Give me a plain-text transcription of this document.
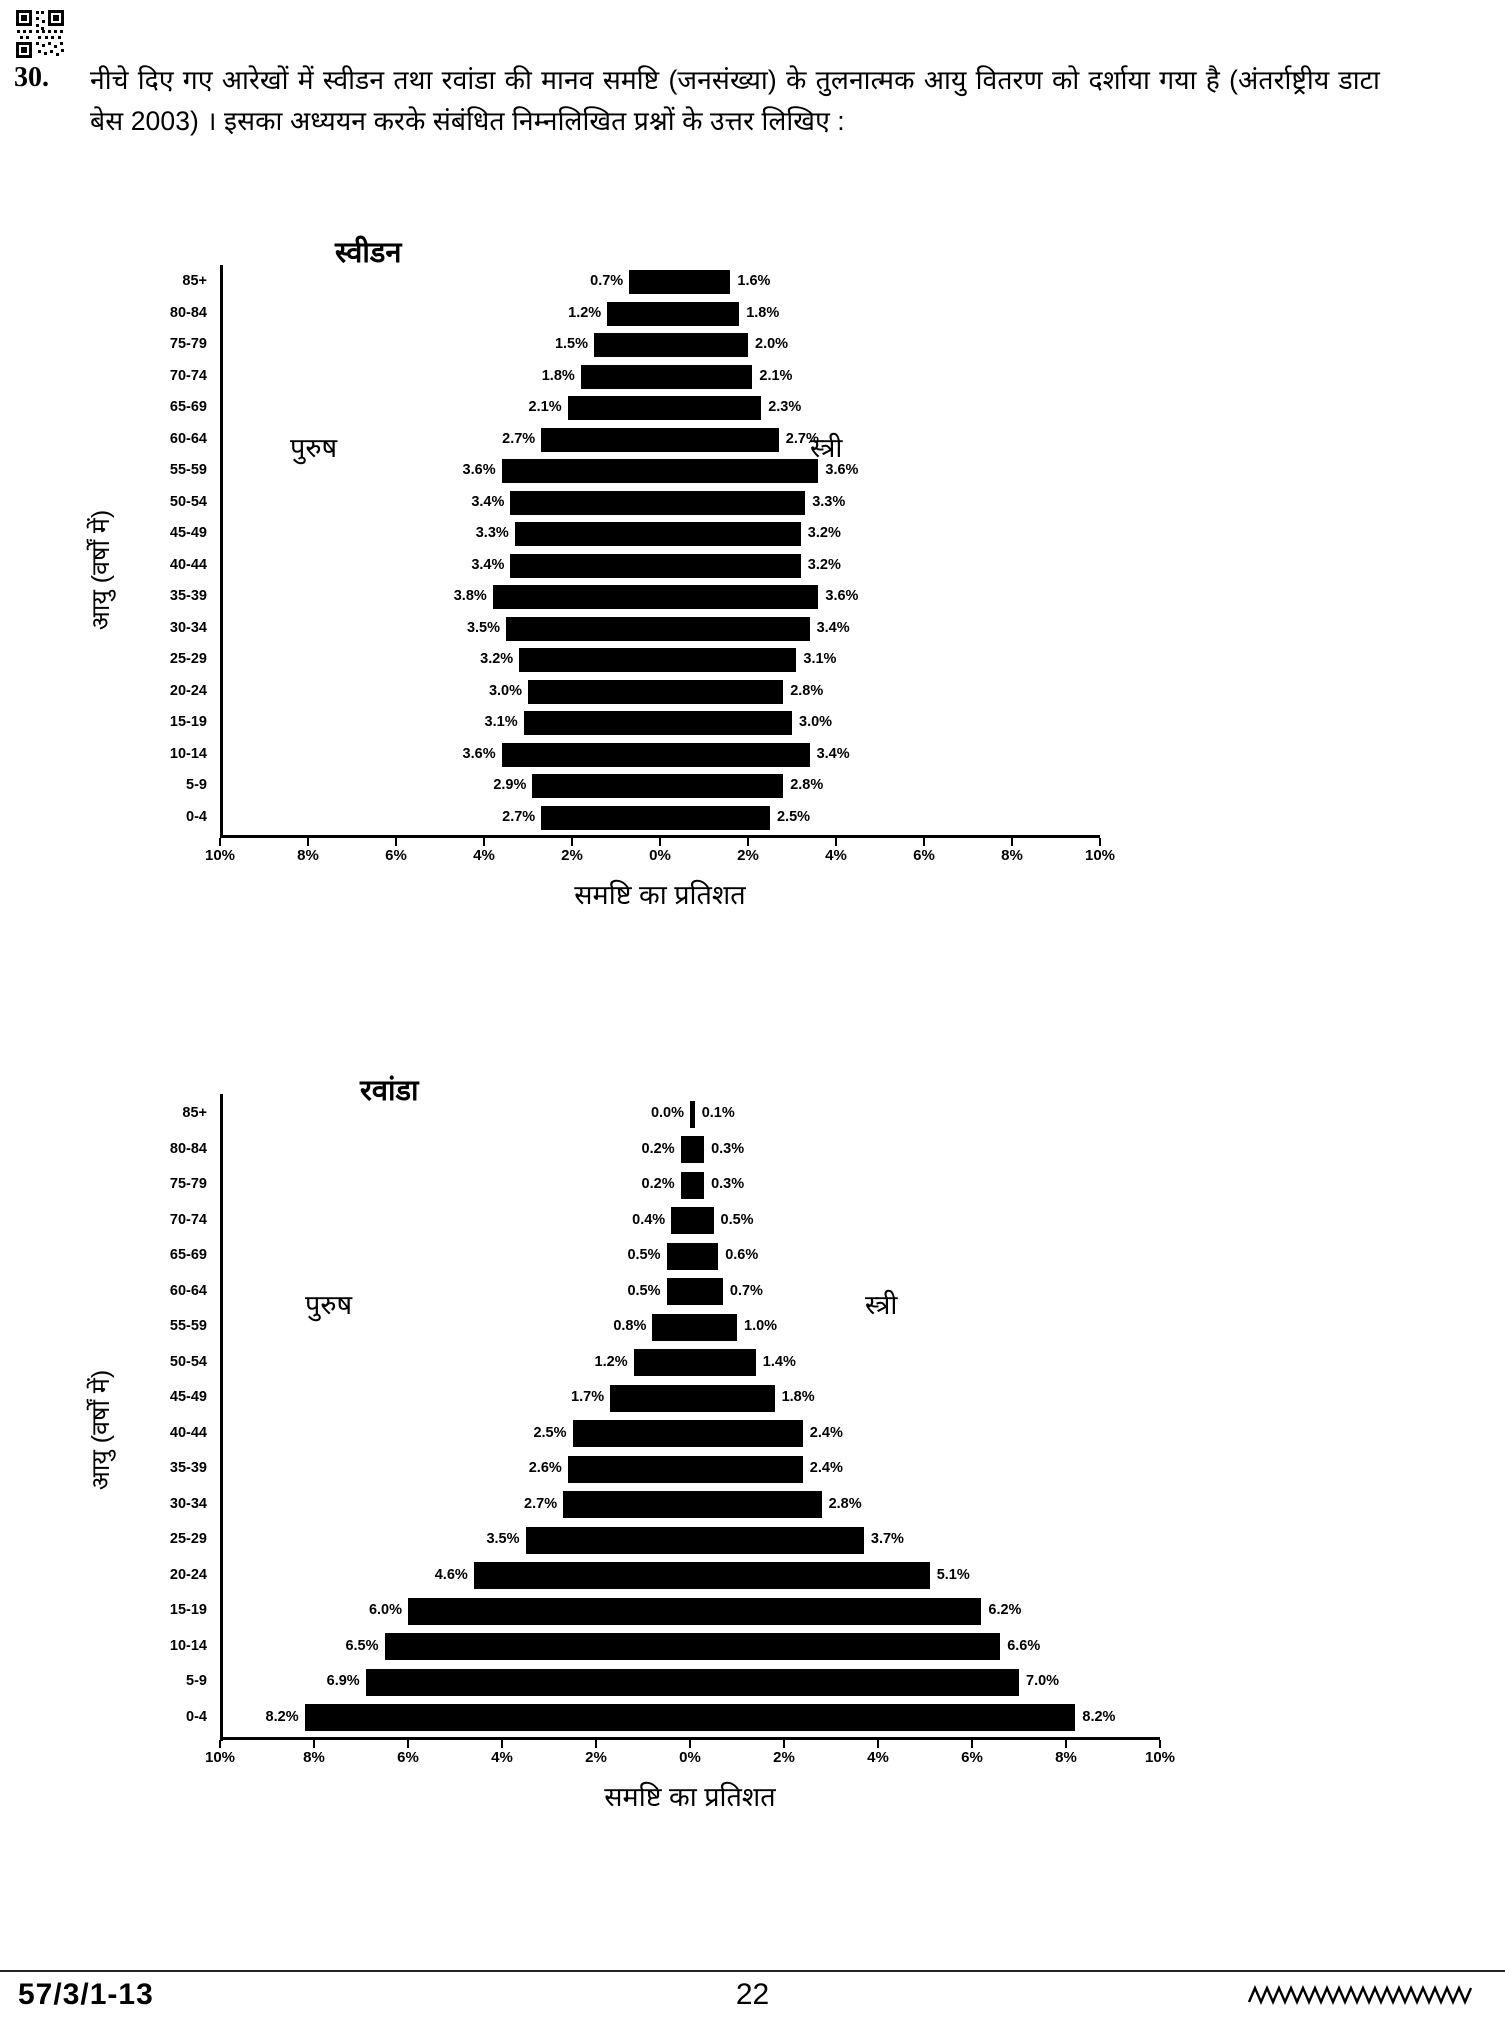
30.	नीचे दिए गए आरेखों में स्वीडन तथा रवांडा की मानव समष्टि (जनसंख्या) के तुलनात्मक आयु वितरण को दर्शाया गया है (अंतर्राष्ट्रीय डाटा बेस 2003) । इसका अध्ययन करके संबंधित निम्नलिखित प्रश्नों के उत्तर लिखिए :
आयु (वर्षों में)
85+
80-84
75-79
70-74
65-69
60-64
55-59
50-54
45-49
40-44
35-39
30-34
25-29
20-24
15-19
10-14
5-9
0-4
10%	8%	6%	4%	2%	0%	2%	4%	6%	8%	10%
0.7%	1.6%
1.2%	1.8%
1.5%	2.0%
1.8%	2.1%
2.1%	2.3%
2.7%	2.7%
3.6%	3.6%
3.4%	3.3%
3.3%	3.2%
3.4%	3.2%
3.8%	3.6%
3.5%	3.4%
3.2%	3.1%
3.0%	2.8%
3.1%	3.0%
3.6%	3.4%
2.9%	2.8%
2.7%	2.5%
स्वीडन
पुरुष	स्त्री
समष्टि का प्रतिशत
आयु (वर्षों में)
85+
80-84
75-79
70-74
65-69
60-64
55-59
50-54
45-49
40-44
35-39
30-34
25-29
20-24
15-19
10-14
5-9
0-4
10%	8%	6%	4%	2%	0%	2%	4%	6%	8%	10%
0.0% 0.1%
0.2%	0.3%
0.2%	0.3%
0.4%	0.5%
0.5%	0.6%
0.5%	0.7%
0.8%	1.0%
1.2%	1.4%
1.7%	1.8%
2.5%	2.4%
2.6%	2.4%
2.7%	2.8%
3.5%	3.7%
4.6%	5.1%
6.0%	6.2%
6.5%	6.6%
6.9%	7.0%
8.2%	8.2%
रवांडा
पुरुष	स्त्री
समष्टि का प्रतिशत
57/3/1-13	22
